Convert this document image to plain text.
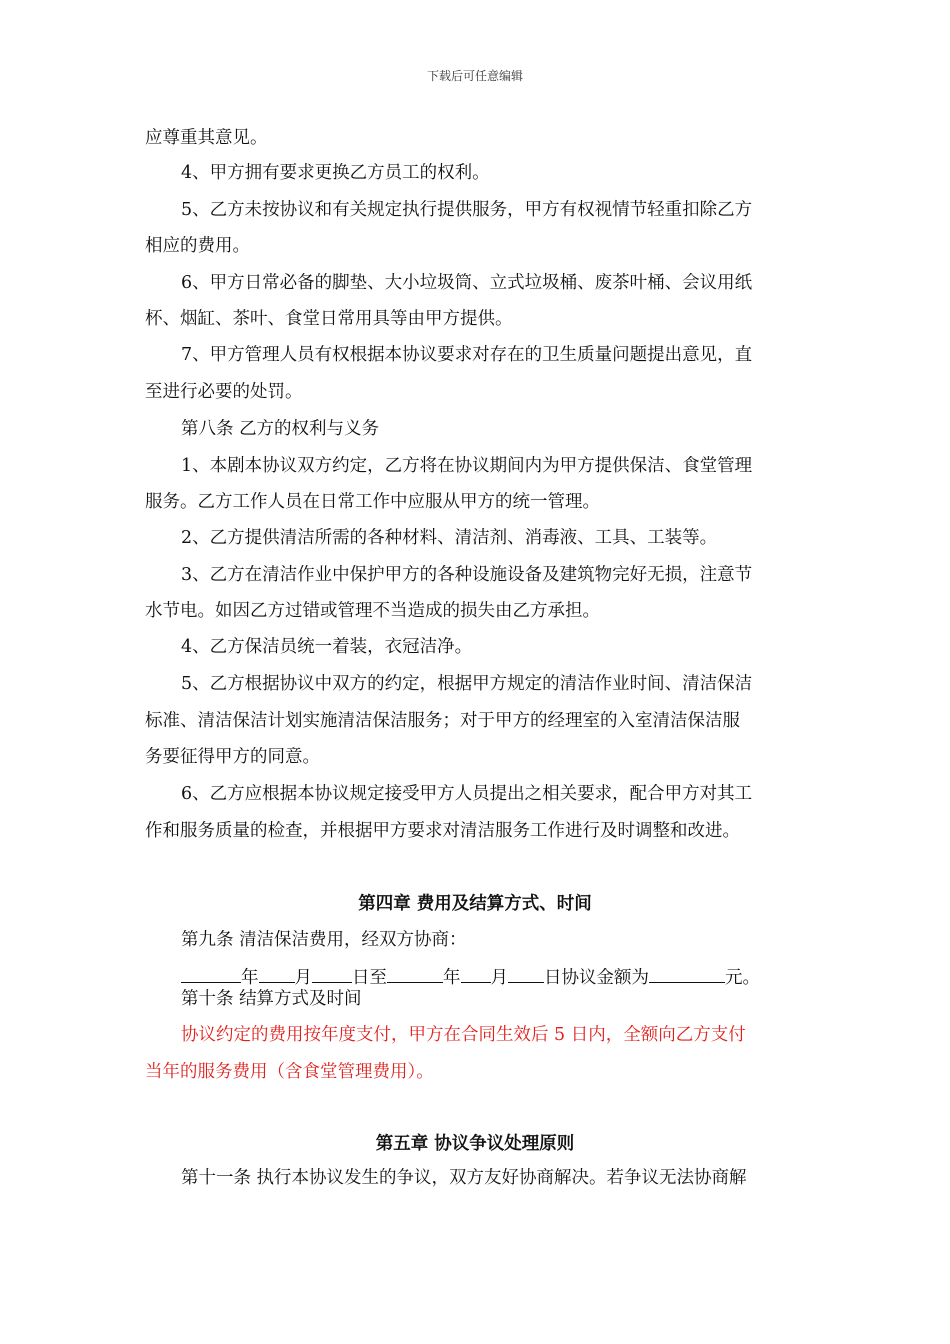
下载后可任意编辑
应尊重其意见。
4、甲方拥有要求更换乙方员工的权利。
5、乙方未按协议和有关规定执行提供服务，甲方有权视情节轻重扣除乙方
相应的费用。
6、甲方日常必备的脚垫、大小垃圾筒、立式垃圾桶、废茶叶桶、会议用纸
杯、烟缸、茶叶、食堂日常用具等由甲方提供。
7、甲方管理人员有权根据本协议要求对存在的卫生质量问题提出意见，直
至进行必要的处罚。
第八条 乙方的权利与义务
1、本剧本协议双方约定，乙方将在协议期间内为甲方提供保洁、食堂管理
服务。乙方工作人员在日常工作中应服从甲方的统一管理。
2、乙方提供清洁所需的各种材料、清洁剂、消毒液、工具、工装等。
3、乙方在清洁作业中保护甲方的各种设施设备及建筑物完好无损，注意节
水节电。如因乙方过错或管理不当造成的损失由乙方承担。
4、乙方保洁员统一着装，衣冠洁净。
5、乙方根据协议中双方的约定，根据甲方规定的清洁作业时间、清洁保洁
标准、清洁保洁计划实施清洁保洁服务；对于甲方的经理室的入室清洁保洁服
务要征得甲方的同意。
6、乙方应根据本协议规定接受甲方人员提出之相关要求，配合甲方对其工
作和服务质量的检查，并根据甲方要求对清洁服务工作进行及时调整和改进。
第四章 费用及结算方式、时间
第九条 清洁保洁费用，经双方协商：
年 月 日至	年 月 日协议金额为	元。
第十条 结算方式及时间
协议约定的费用按年度支付，甲方在合同生效后 5 日内，全额向乙方支付
当年的服务费用（含食堂管理费用）。
第五章 协议争议处理原则
第十一条 执行本协议发生的争议，双方友好协商解决。若争议无法协商解
